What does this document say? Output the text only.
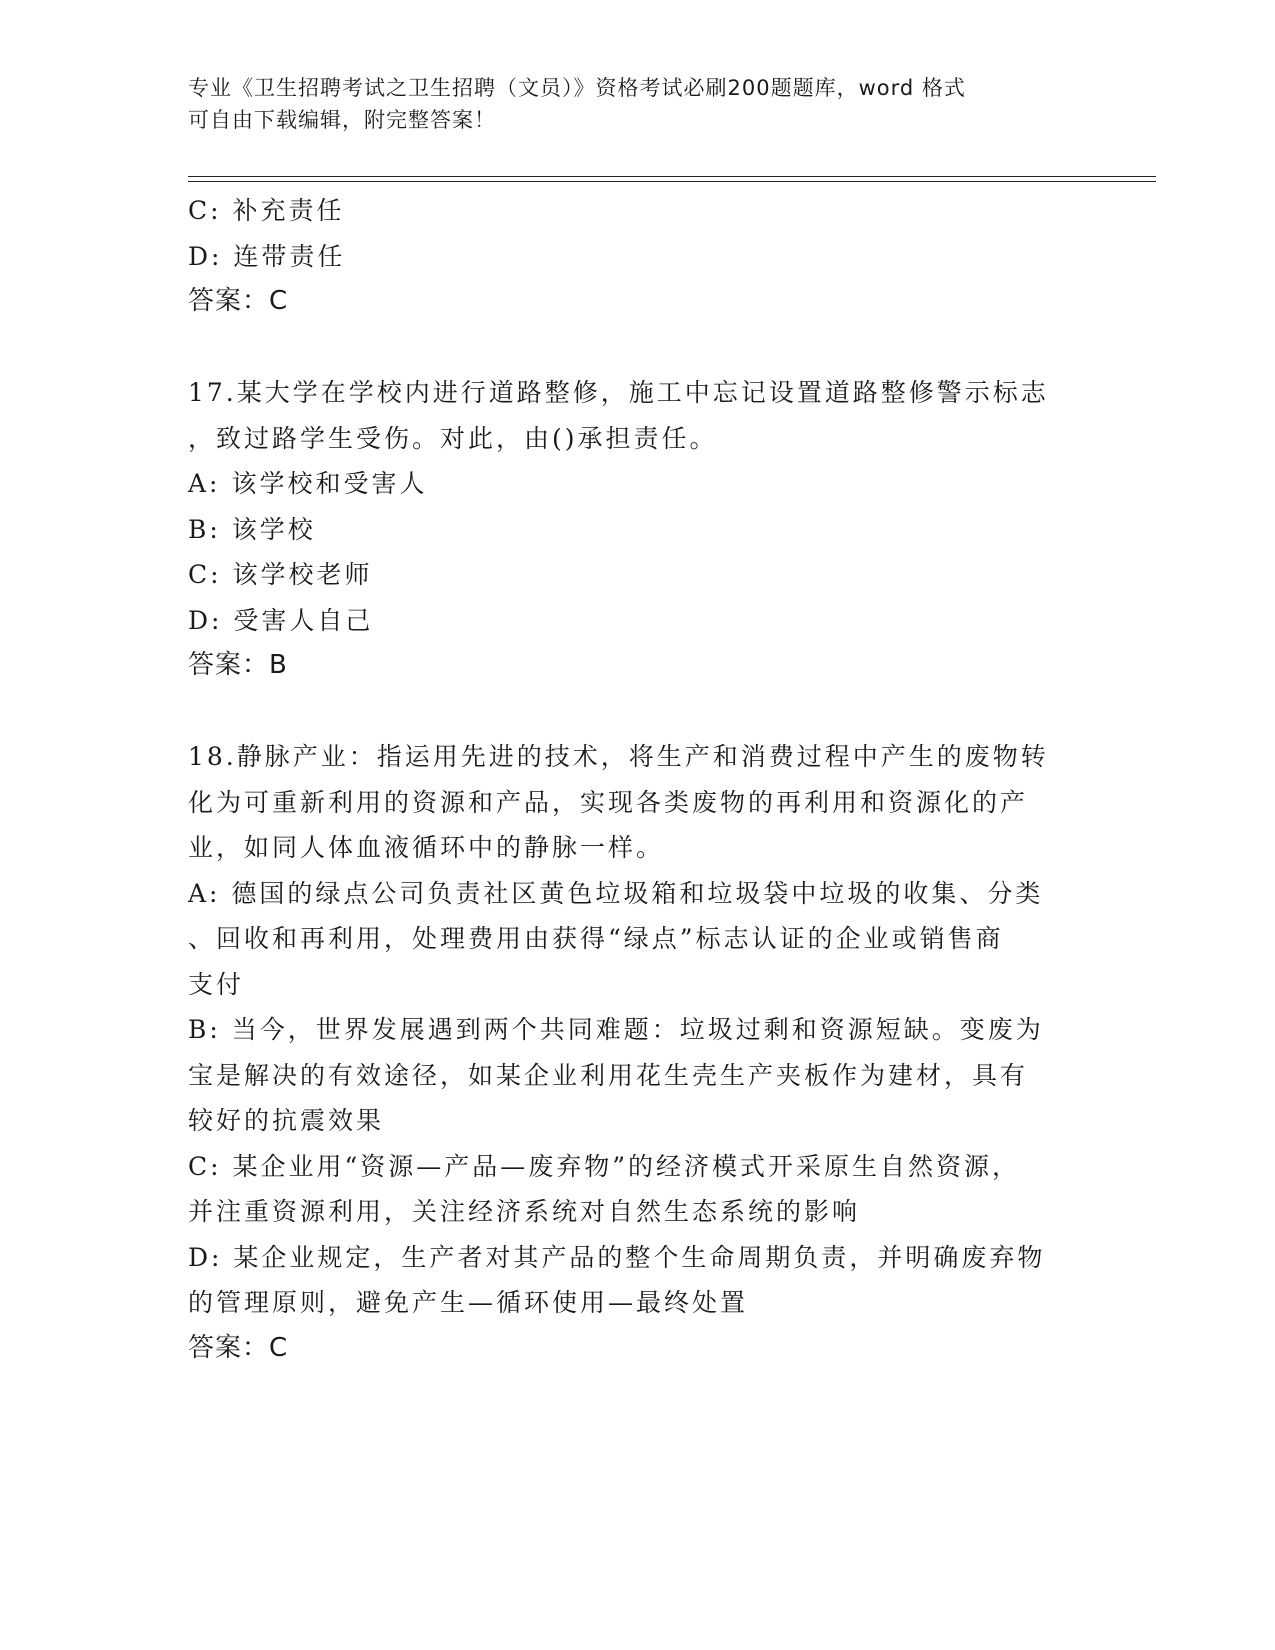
专业《卫生招聘考试之卫生招聘（文员）》资格考试必刷200题题库，word 格式
可自由下载编辑，附完整答案！

C: 补充责任

D: 连带责任

答案：C

17.某大学在学校内进行道路整修，施工中忘记设置道路整修警示标志

，致过路学生受伤。对此，由()承担责任。

A: 该学校和受害人

B: 该学校

C: 该学校老师

D: 受害人自己

答案：B

18.静脉产业：指运用先进的技术，将生产和消费过程中产生的废物转

化为可重新利用的资源和产品，实现各类废物的再利用和资源化的产

业，如同人体血液循环中的静脉一样。

A: 德国的绿点公司负责社区黄色垃圾箱和垃圾袋中垃圾的收集、分类

、回收和再利用，处理费用由获得“绿点”标志认证的企业或销售商

支付

B: 当今，世界发展遇到两个共同难题：垃圾过剩和资源短缺。变废为

宝是解决的有效途径，如某企业利用花生壳生产夹板作为建材，具有

较好的抗震效果

C: 某企业用“资源—产品—废弃物”的经济模式开采原生自然资源，

并注重资源利用，关注经济系统对自然生态系统的影响

D: 某企业规定，生产者对其产品的整个生命周期负责，并明确废弃物

的管理原则，避免产生—循环使用—最终处置

答案：C
